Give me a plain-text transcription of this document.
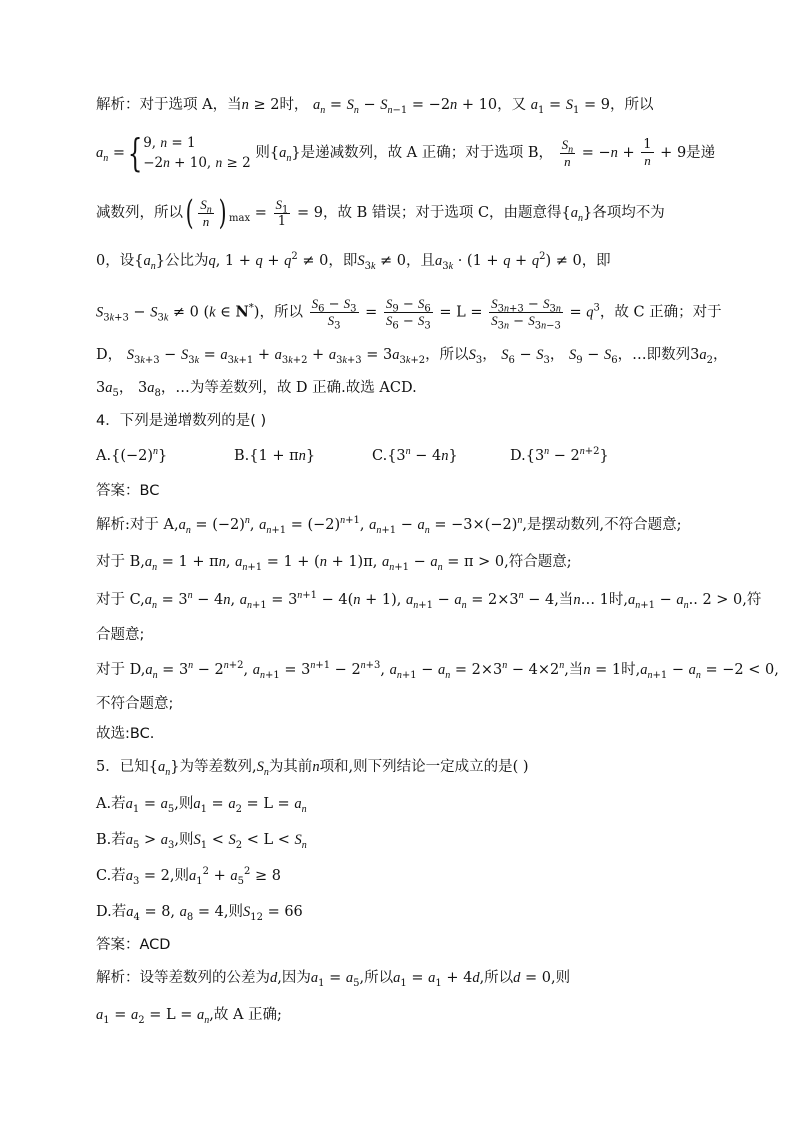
解析：对于选项 A，当n ≥ 2时， $a_n = S_n - S_{n-1} = -2n + 10$，又 $a_1 = S_1 = 9$，所以
$a_n$ ={ 9, n = 1
−2n + 10, n ≥ 2
则$\{a_n\}$是递减数列，故 A 正确；对于选项 B， $\frac{S_n}{n} = -n + \frac{1}{n} + 9$是递
减数列，所以( $\frac{S_n}{n}$ ) $_{max} = \frac{S_1}{1} = 9$，故 B 错误；对于选项 C，由题意得$\{a_n\}$各项均不为
0，设$\{a_n\}$公比为q, $1 + q + q^2 \ne 0$，即$S_{3k} \ne 0$，且$a_{3k} \cdot (1 + q + q^2) \ne 0$，即
$S_{3k+3} - S_{3k} \ne 0$ (k ∈ N*)，所以 $\frac{S_6 - S_3}{S_3} = \frac{S_9 - S_6}{S_6 - S_3} = L = \frac{S_{3n+3} - S_{3n}}{S_{3n} - S_{3n-3}} = q^3$，故 C 正确；对于
D， $S_{3k+3} - S_{3k} = a_{3k+1} + a_{3k+2} + a_{3k+3} = 3a_{3k+2}$，所以$S_3$， $S_6 - S_3$， $S_9 - S_6$，…即数列$3a_2$，
$3a_5$， $3a_8$，…为等差数列，故 D 正确.故选 ACD.
4．下列是递增数列的是( )
$A.\{(-2)^n\}$	B.{1 + πn}	$C.\{3^n - 4n\}$	$D.\{3^n - 2^{n+2}\}$
答案：BC
解析:对于 $A,a_n = (-2)^n$, $a_{n+1} = (-2)^{n+1}$, $a_{n+1} - a_n = -3\times(-2)^n$,是摆动数列,不符合题意;
对于 $B,a_n = 1 + \pi n$, $a_{n+1} = 1 + (n + 1)\pi$, $a_{n+1} - a_n = \pi > 0$,符合题意;
对于 $C,a_n = 3^n - 4n$, $a_{n+1} = 3^{n+1} - 4(n + 1)$, $a_{n+1} - a_n = 2\times 3^n - 4$,当n… 1时$,a_{n+1} - a_n$.. 2 > 0,符
合题意;
对于 $D,a_n = 3^n - 2^{n+2}$, $a_{n+1} = 3^{n+1} - 2^{n+3}$, $a_{n+1} - a_n = 2\times 3^n - 4\times 2^n$,当n = 1时$,a_{n+1} - a_n = -2 < 0$,
不符合题意;
故选:BC.
5．已知$\{a_n\}$为等差数列$,S_n$为其前n项和,则下列结论一定成立的是( )
A.若$a_1 = a_5$,则$a_1 = a_2 = L = a_n$
B.若$a_5 > a_3$,则$S_1 < S_2 < L < S_n$
C.若$a_3 = 2$,则$a_1^2 + a_5^2 \ge 8$
D.若$a_4 = 8$, $a_8 = 4$,则$S_{12} = 66$
答案：ACD
解析：设等差数列的公差为d,因为$a_1 = a_5$,所以$a_1 = a_1 + 4d$,所以d = 0,则
$a_1 = a_2 = L = a_n$,故 A 正确;
